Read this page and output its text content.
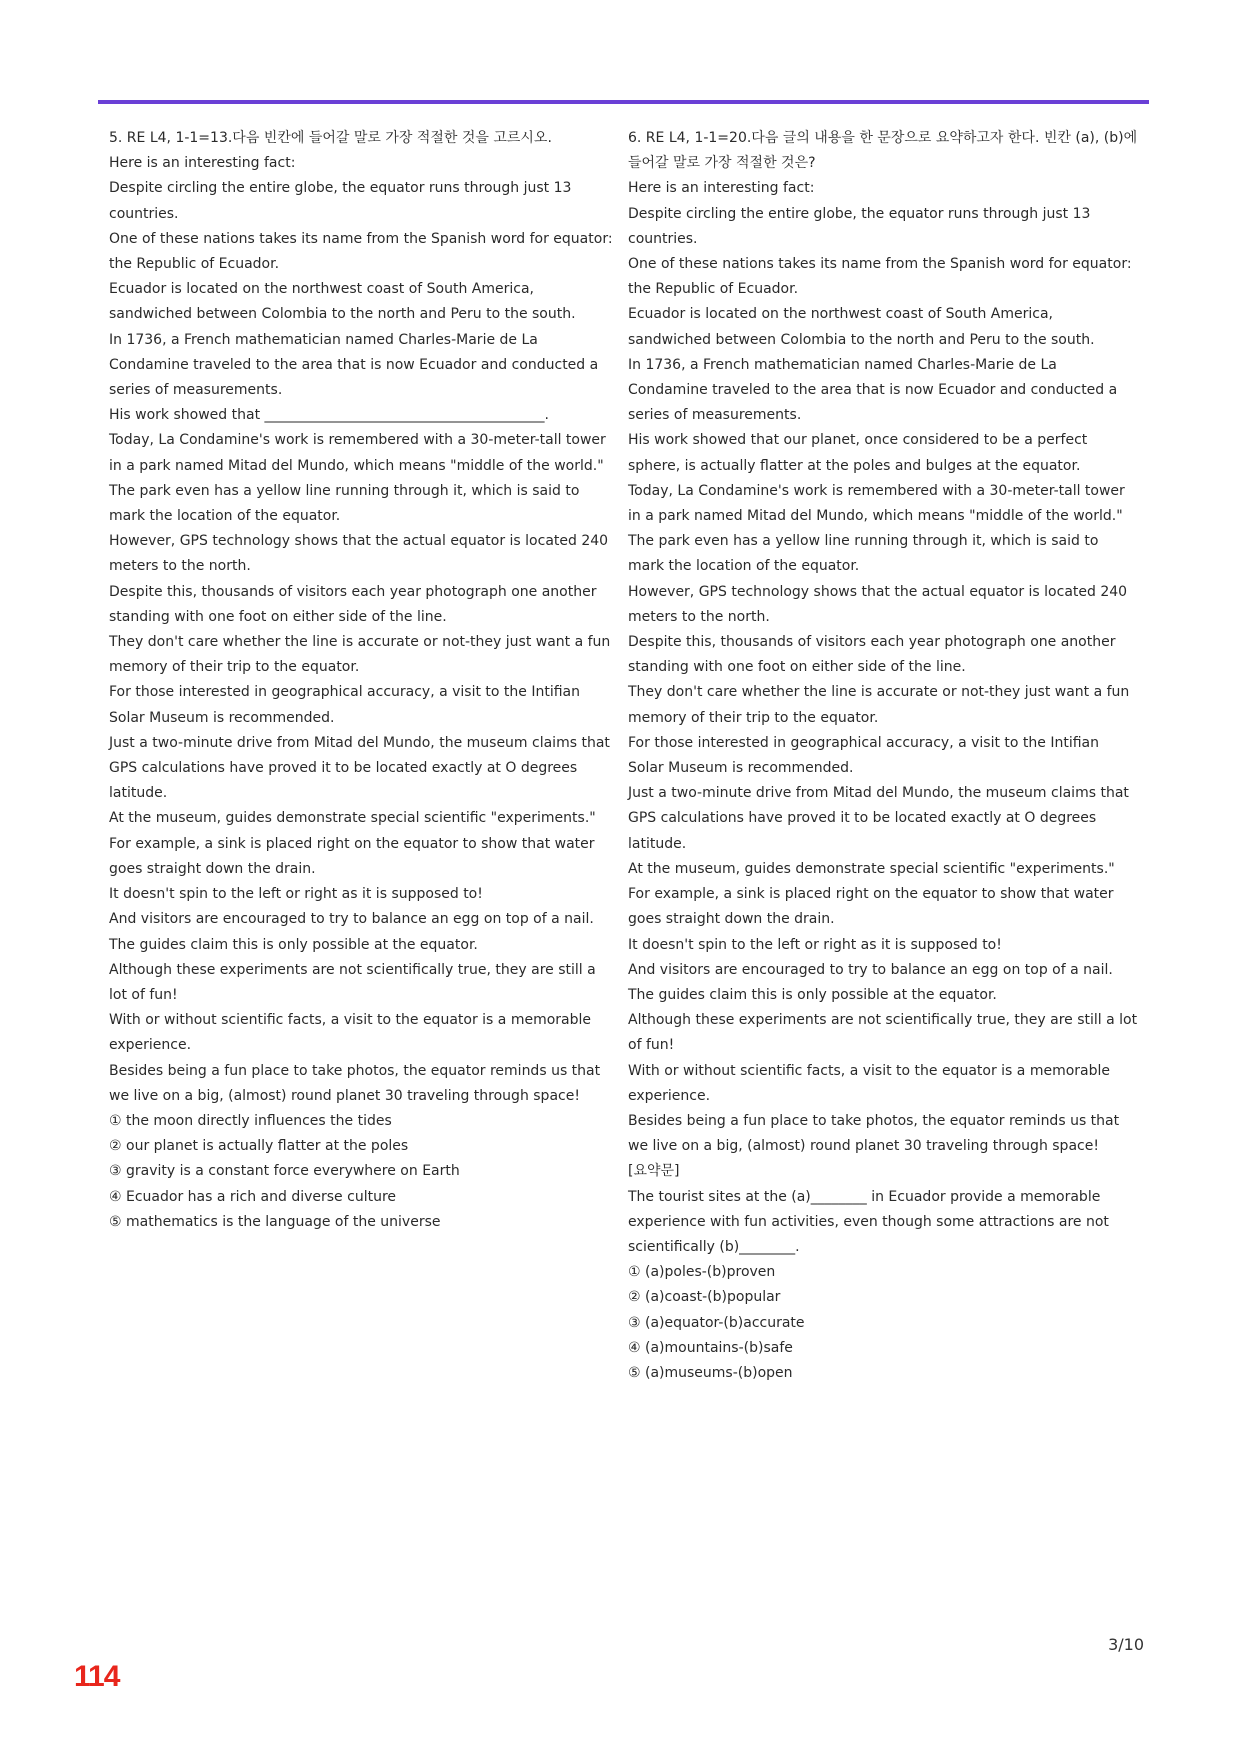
5. RE L4, 1-1=13.다음 빈칸에 들어갈 말로 가장 적절한 것을 고르시오.

Here is an interesting fact:

Despite circling the entire globe, the equator runs through just 13 countries.

One of these nations takes its name from the Spanish word for equator: the Republic of Ecuador.

Ecuador is located on the northwest coast of South America, sandwiched between Colombia to the north and Peru to the south.

In 1736, a French mathematician named Charles-Marie de La Condamine traveled to the area that is now Ecuador and conducted a series of measurements.

His work showed that ________________________________________.

Today, La Condamine's work is remembered with a 30-meter-tall tower in a park named Mitad del Mundo, which means "middle of the world."

The park even has a yellow line running through it, which is said to mark the location of the equator.

However, GPS technology shows that the actual equator is located 240 meters to the north.

Despite this, thousands of visitors each year photograph one another standing with one foot on either side of the line.

They don't care whether the line is accurate or not-they just want a fun memory of their trip to the equator.

For those interested in geographical accuracy, a visit to the Intifian Solar Museum is recommended.

Just a two-minute drive from Mitad del Mundo, the museum claims that GPS calculations have proved it to be located exactly at O degrees latitude.

At the museum, guides demonstrate special scientific "experiments."

For example, a sink is placed right on the equator to show that water goes straight down the drain.

It doesn't spin to the left or right as it is supposed to!

And visitors are encouraged to try to balance an egg on top of a nail.

The guides claim this is only possible at the equator.

Although these experiments are not scientifically true, they are still a lot of fun!

With or without scientific facts, a visit to the equator is a memorable experience.

Besides being a fun place to take photos, the equator reminds us that we live on a big, (almost) round planet 30 traveling through space!

① the moon directly influences the tides

② our planet is actually flatter at the poles

③ gravity is a constant force everywhere on Earth

④ Ecuador has a rich and diverse culture

⑤ mathematics is the language of the universe

6. RE L4, 1-1=20.다음 글의 내용을 한 문장으로 요약하고자 한다. 빈칸 (a), (b)에 들어갈 말로 가장 적절한 것은?

Here is an interesting fact:

Despite circling the entire globe, the equator runs through just 13 countries.

One of these nations takes its name from the Spanish word for equator: the Republic of Ecuador.

Ecuador is located on the northwest coast of South America, sandwiched between Colombia to the north and Peru to the south.

In 1736, a French mathematician named Charles-Marie de La Condamine traveled to the area that is now Ecuador and conducted a series of measurements.

His work showed that our planet, once considered to be a perfect sphere, is actually flatter at the poles and bulges at the equator.

Today, La Condamine's work is remembered with a 30-meter-tall tower in a park named Mitad del Mundo, which means "middle of the world."

The park even has a yellow line running through it, which is said to mark the location of the equator.

However, GPS technology shows that the actual equator is located 240 meters to the north.

Despite this, thousands of visitors each year photograph one another standing with one foot on either side of the line.

They don't care whether the line is accurate or not-they just want a fun memory of their trip to the equator.

For those interested in geographical accuracy, a visit to the Intifian Solar Museum is recommended.

Just a two-minute drive from Mitad del Mundo, the museum claims that GPS calculations have proved it to be located exactly at O degrees latitude.

At the museum, guides demonstrate special scientific "experiments."

For example, a sink is placed right on the equator to show that water goes straight down the drain.

It doesn't spin to the left or right as it is supposed to!

And visitors are encouraged to try to balance an egg on top of a nail.

The guides claim this is only possible at the equator.

Although these experiments are not scientifically true, they are still a lot of fun!

With or without scientific facts, a visit to the equator is a memorable experience.

Besides being a fun place to take photos, the equator reminds us that we live on a big, (almost) round planet 30 traveling through space!

[요약문]

The tourist sites at the (a)________ in Ecuador provide a memorable experience with fun activities, even though some attractions are not scientifically (b)________.

① (a)poles-(b)proven

② (a)coast-(b)popular

③ (a)equator-(b)accurate

④ (a)mountains-(b)safe

⑤ (a)museums-(b)open

3/10
114
